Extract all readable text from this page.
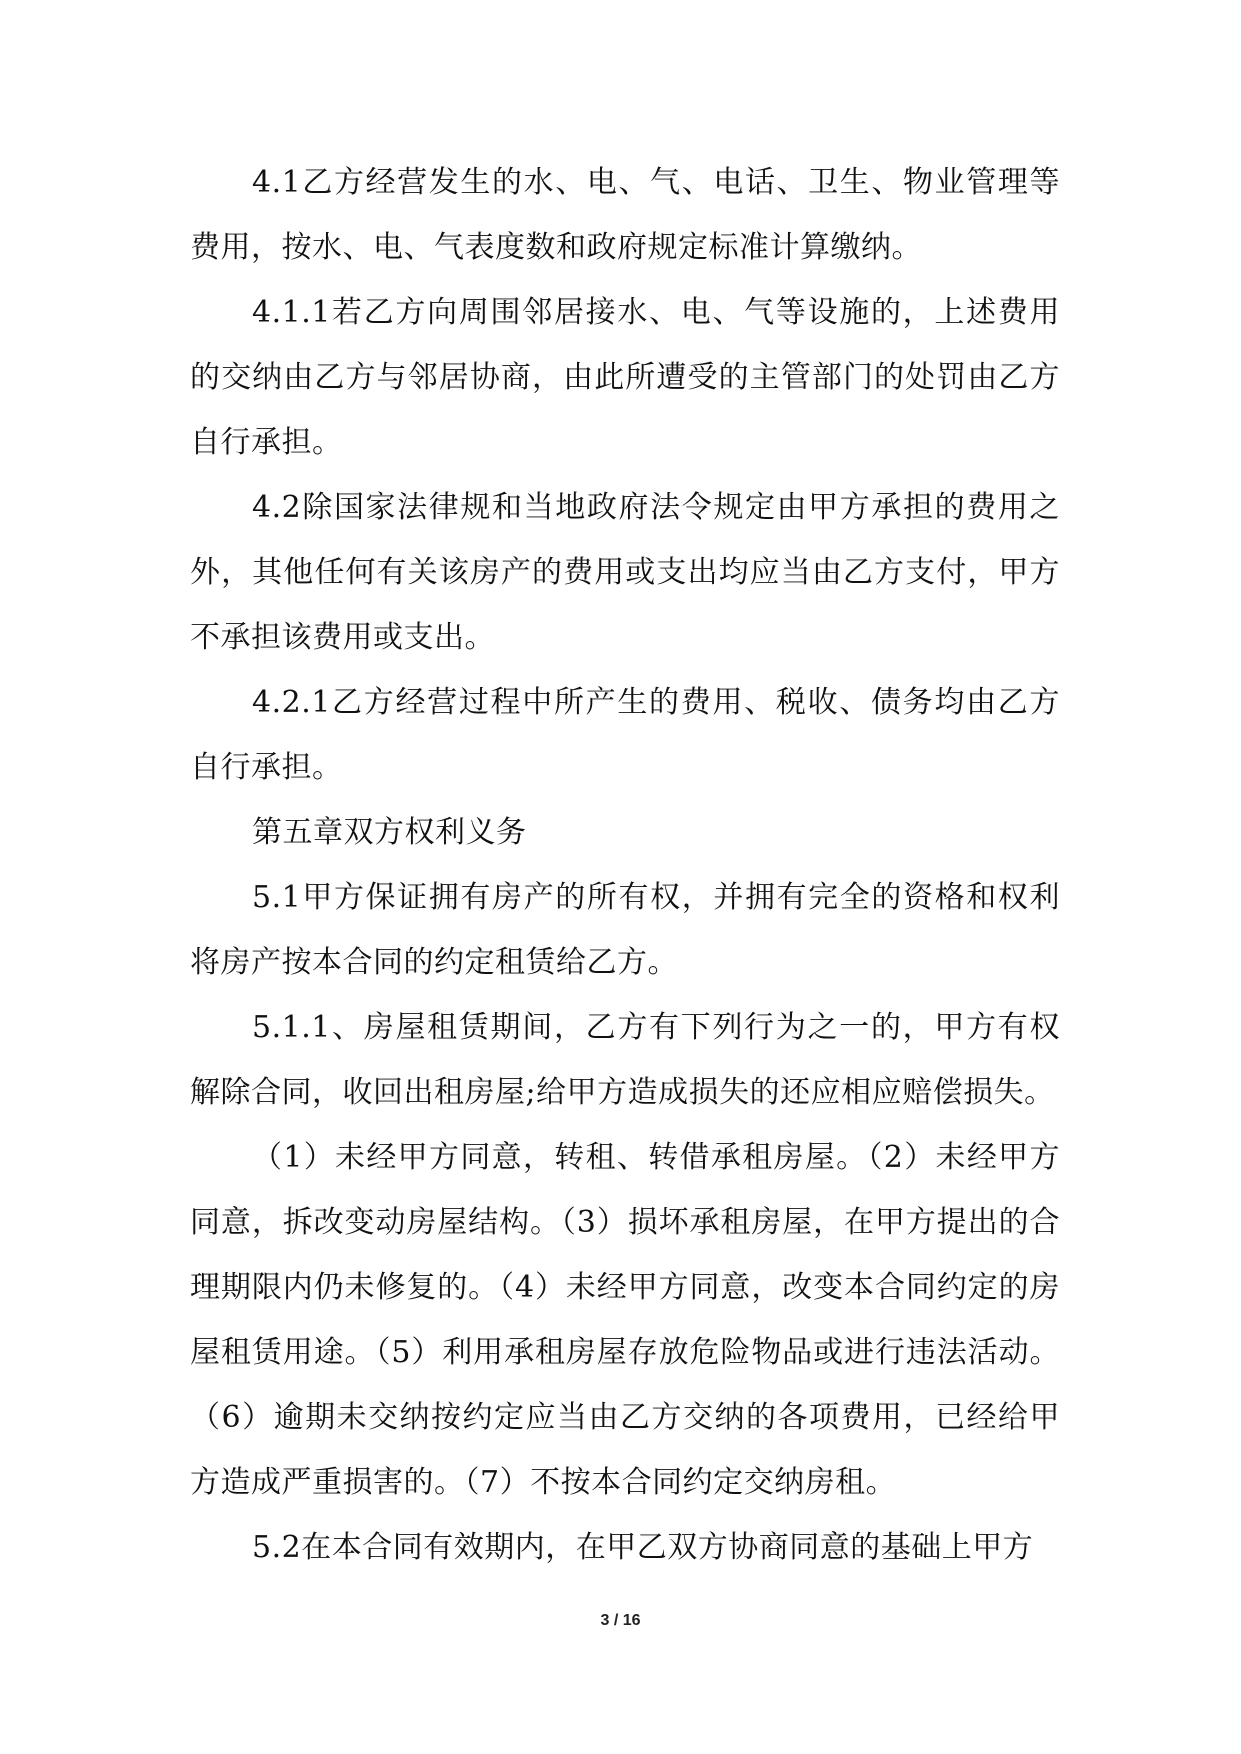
4.1乙方经营发生的水、电、气、电话、卫生、物业管理等费用，按水、电、气表度数和政府规定标准计算缴纳。

4.1.1若乙方向周围邻居接水、电、气等设施的，上述费用的交纳由乙方与邻居协商，由此所遭受的主管部门的处罚由乙方自行承担。

4.2除国家法律规和当地政府法令规定由甲方承担的费用之外，其他任何有关该房产的费用或支出均应当由乙方支付，甲方不承担该费用或支出。

4.2.1乙方经营过程中所产生的费用、税收、债务均由乙方自行承担。

第五章双方权利义务

5.1甲方保证拥有房产的所有权，并拥有完全的资格和权利将房产按本合同的约定租赁给乙方。

5.1.1、房屋租赁期间，乙方有下列行为之一的，甲方有权解除合同，收回出租房屋;给甲方造成损失的还应相应赔偿损失。

（1）未经甲方同意，转租、转借承租房屋。（2）未经甲方同意，拆改变动房屋结构。（3）损坏承租房屋，在甲方提出的合理期限内仍未修复的。（4）未经甲方同意，改变本合同约定的房屋租赁用途。（5）利用承租房屋存放危险物品或进行违法活动。（6）逾期未交纳按约定应当由乙方交纳的各项费用，已经给甲方造成严重损害的。（7）不按本合同约定交纳房租。

5.2在本合同有效期内，在甲乙双方协商同意的基础上甲方

3 / 16
